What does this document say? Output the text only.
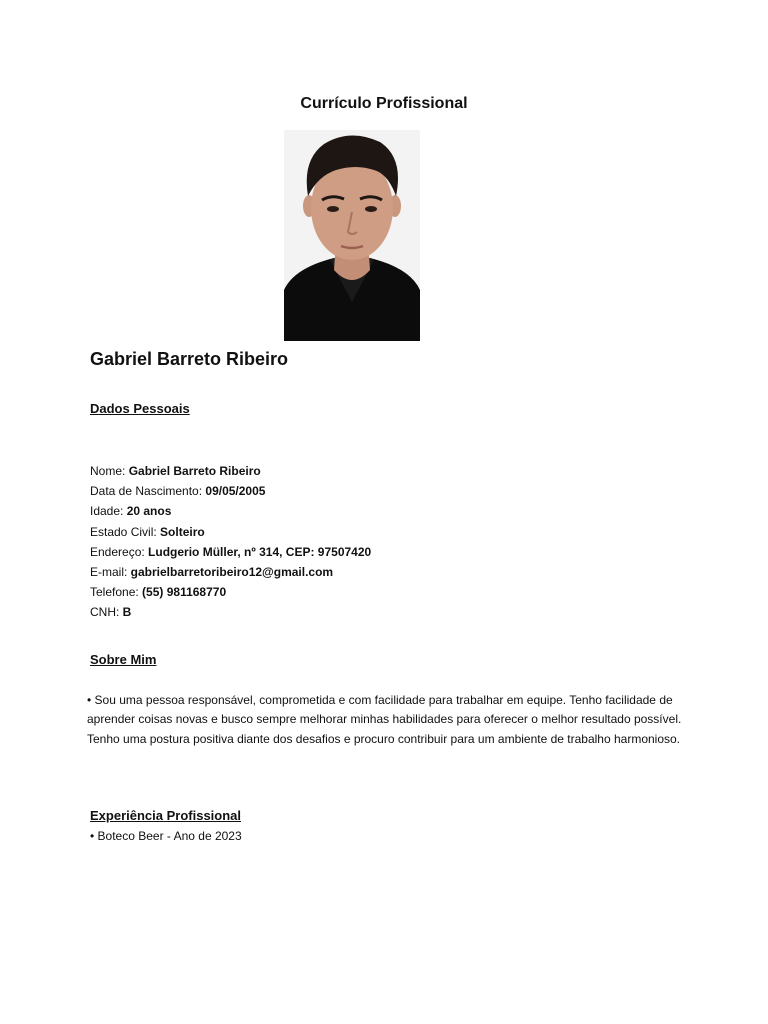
Currículo Profissional
Gabriel Barreto Ribeiro
Dados Pessoais
Nome: Gabriel Barreto Ribeiro
Data de Nascimento: 09/05/2005
Idade: 20 anos
Estado Civil: Solteiro
Endereço: Ludgerio Müller, nº 314, CEP: 97507420
E-mail: gabrielbarretoribeiro12@gmail.com
Telefone: (55) 981168770
CNH: B
Sobre Mim

• Sou uma pessoa responsável, comprometida e com facilidade para trabalhar em equipe. Tenho facilidade de aprender coisas novas e busco sempre melhorar minhas habilidades para oferecer o melhor resultado possível. Tenho uma postura positiva diante dos desafios e procuro contribuir para um ambiente de trabalho harmonioso.

Experiência Profissional
• Boteco Beer - Ano de 2023
